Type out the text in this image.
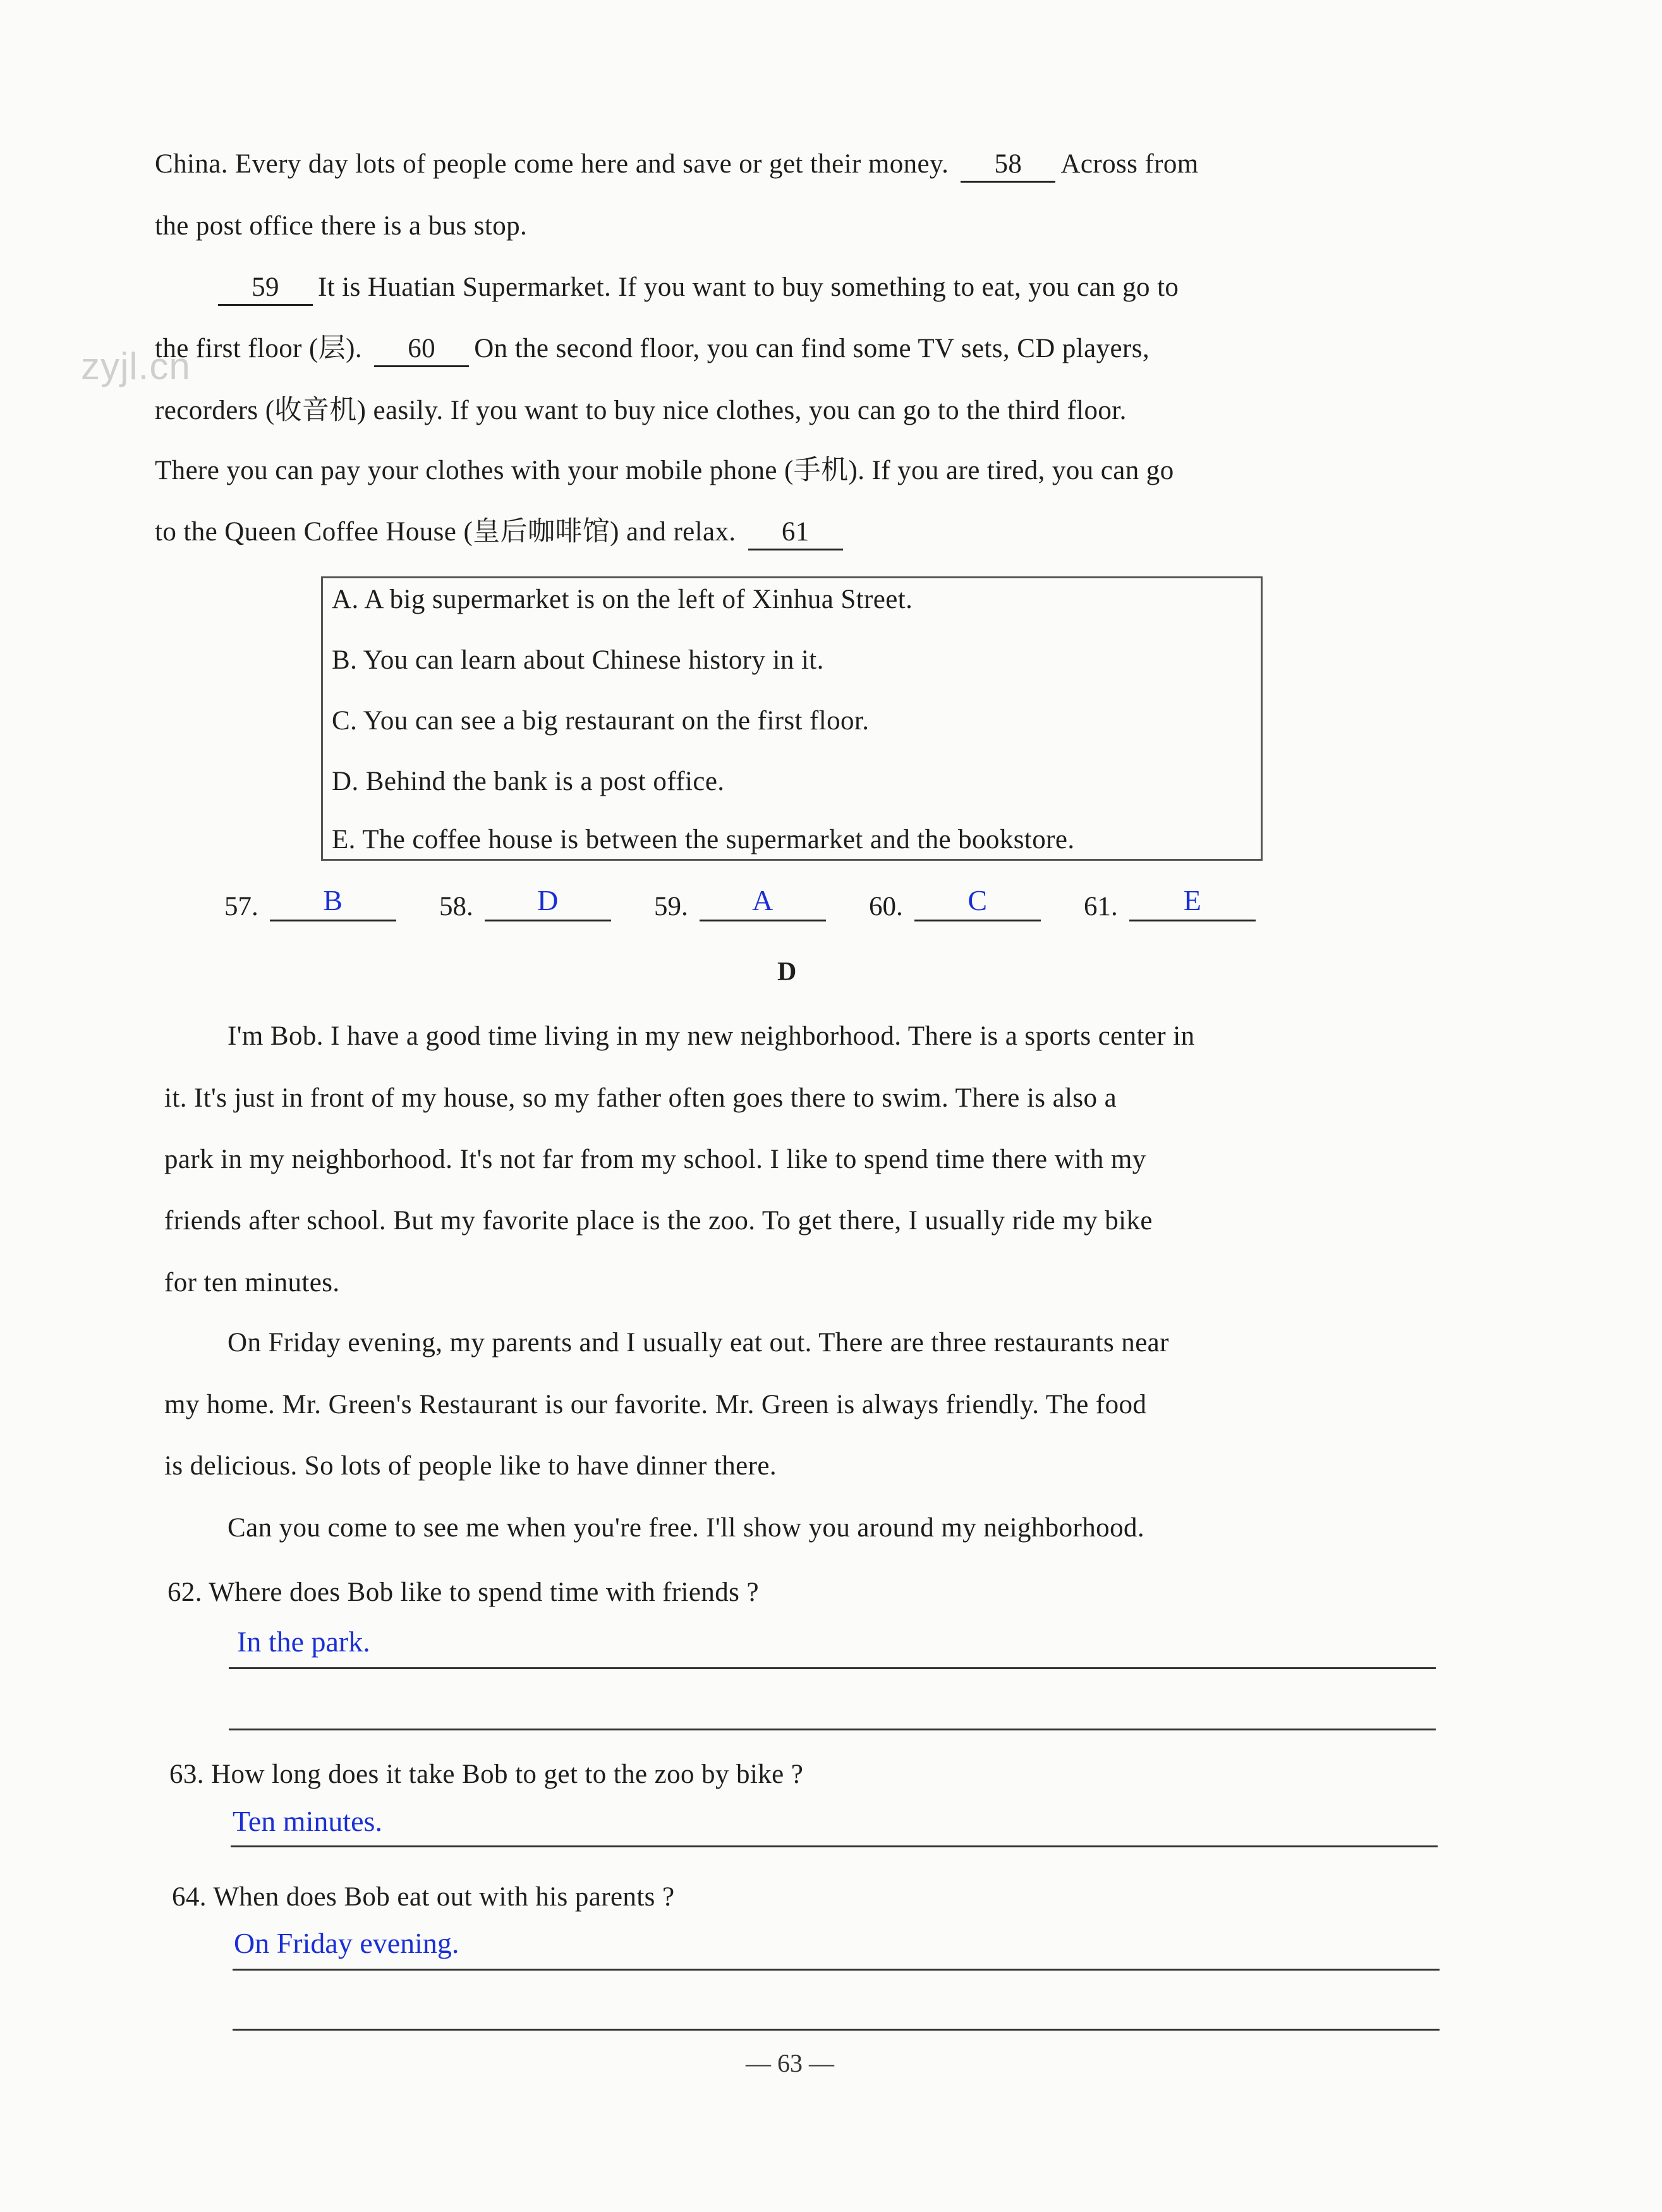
China. Every day lots of people come here and save or get their money. 58 Across from
the post office there is a bus stop.
59 It is Huatian Supermarket. If you want to buy something to eat, you can go to
the first floor (层). 60 On the second floor, you can find some TV sets, CD players,
recorders (收音机) easily. If you want to buy nice clothes, you can go to the third floor.
There you can pay your clothes with your mobile phone (手机). If you are tired, you can go
to the Queen Coffee House (皇后咖啡馆) and relax. 61
zyjl.cn
A. A big supermarket is on the left of Xinhua Street.
B. You can learn about Chinese history in it.
C. You can see a big restaurant on the first floor.
D. Behind the bank is a post office.
E. The coffee house is between the supermarket and the bookstore.
57. B	58. D	59. A	60. C	61. E
D
I'm Bob. I have a good time living in my new neighborhood. There is a sports center in
it. It's just in front of my house, so my father often goes there to swim. There is also a
park in my neighborhood. It's not far from my school. I like to spend time there with my
friends after school. But my favorite place is the zoo. To get there, I usually ride my bike
for ten minutes.
On Friday evening, my parents and I usually eat out. There are three restaurants near
my home. Mr. Green's Restaurant is our favorite. Mr. Green is always friendly. The food
is delicious. So lots of people like to have dinner there.
Can you come to see me when you're free. I'll show you around my neighborhood.
62. Where does Bob like to spend time with friends ?
In the park.
63. How long does it take Bob to get to the zoo by bike ?
Ten minutes.
64. When does Bob eat out with his parents ?
On Friday evening.
— 63 —
